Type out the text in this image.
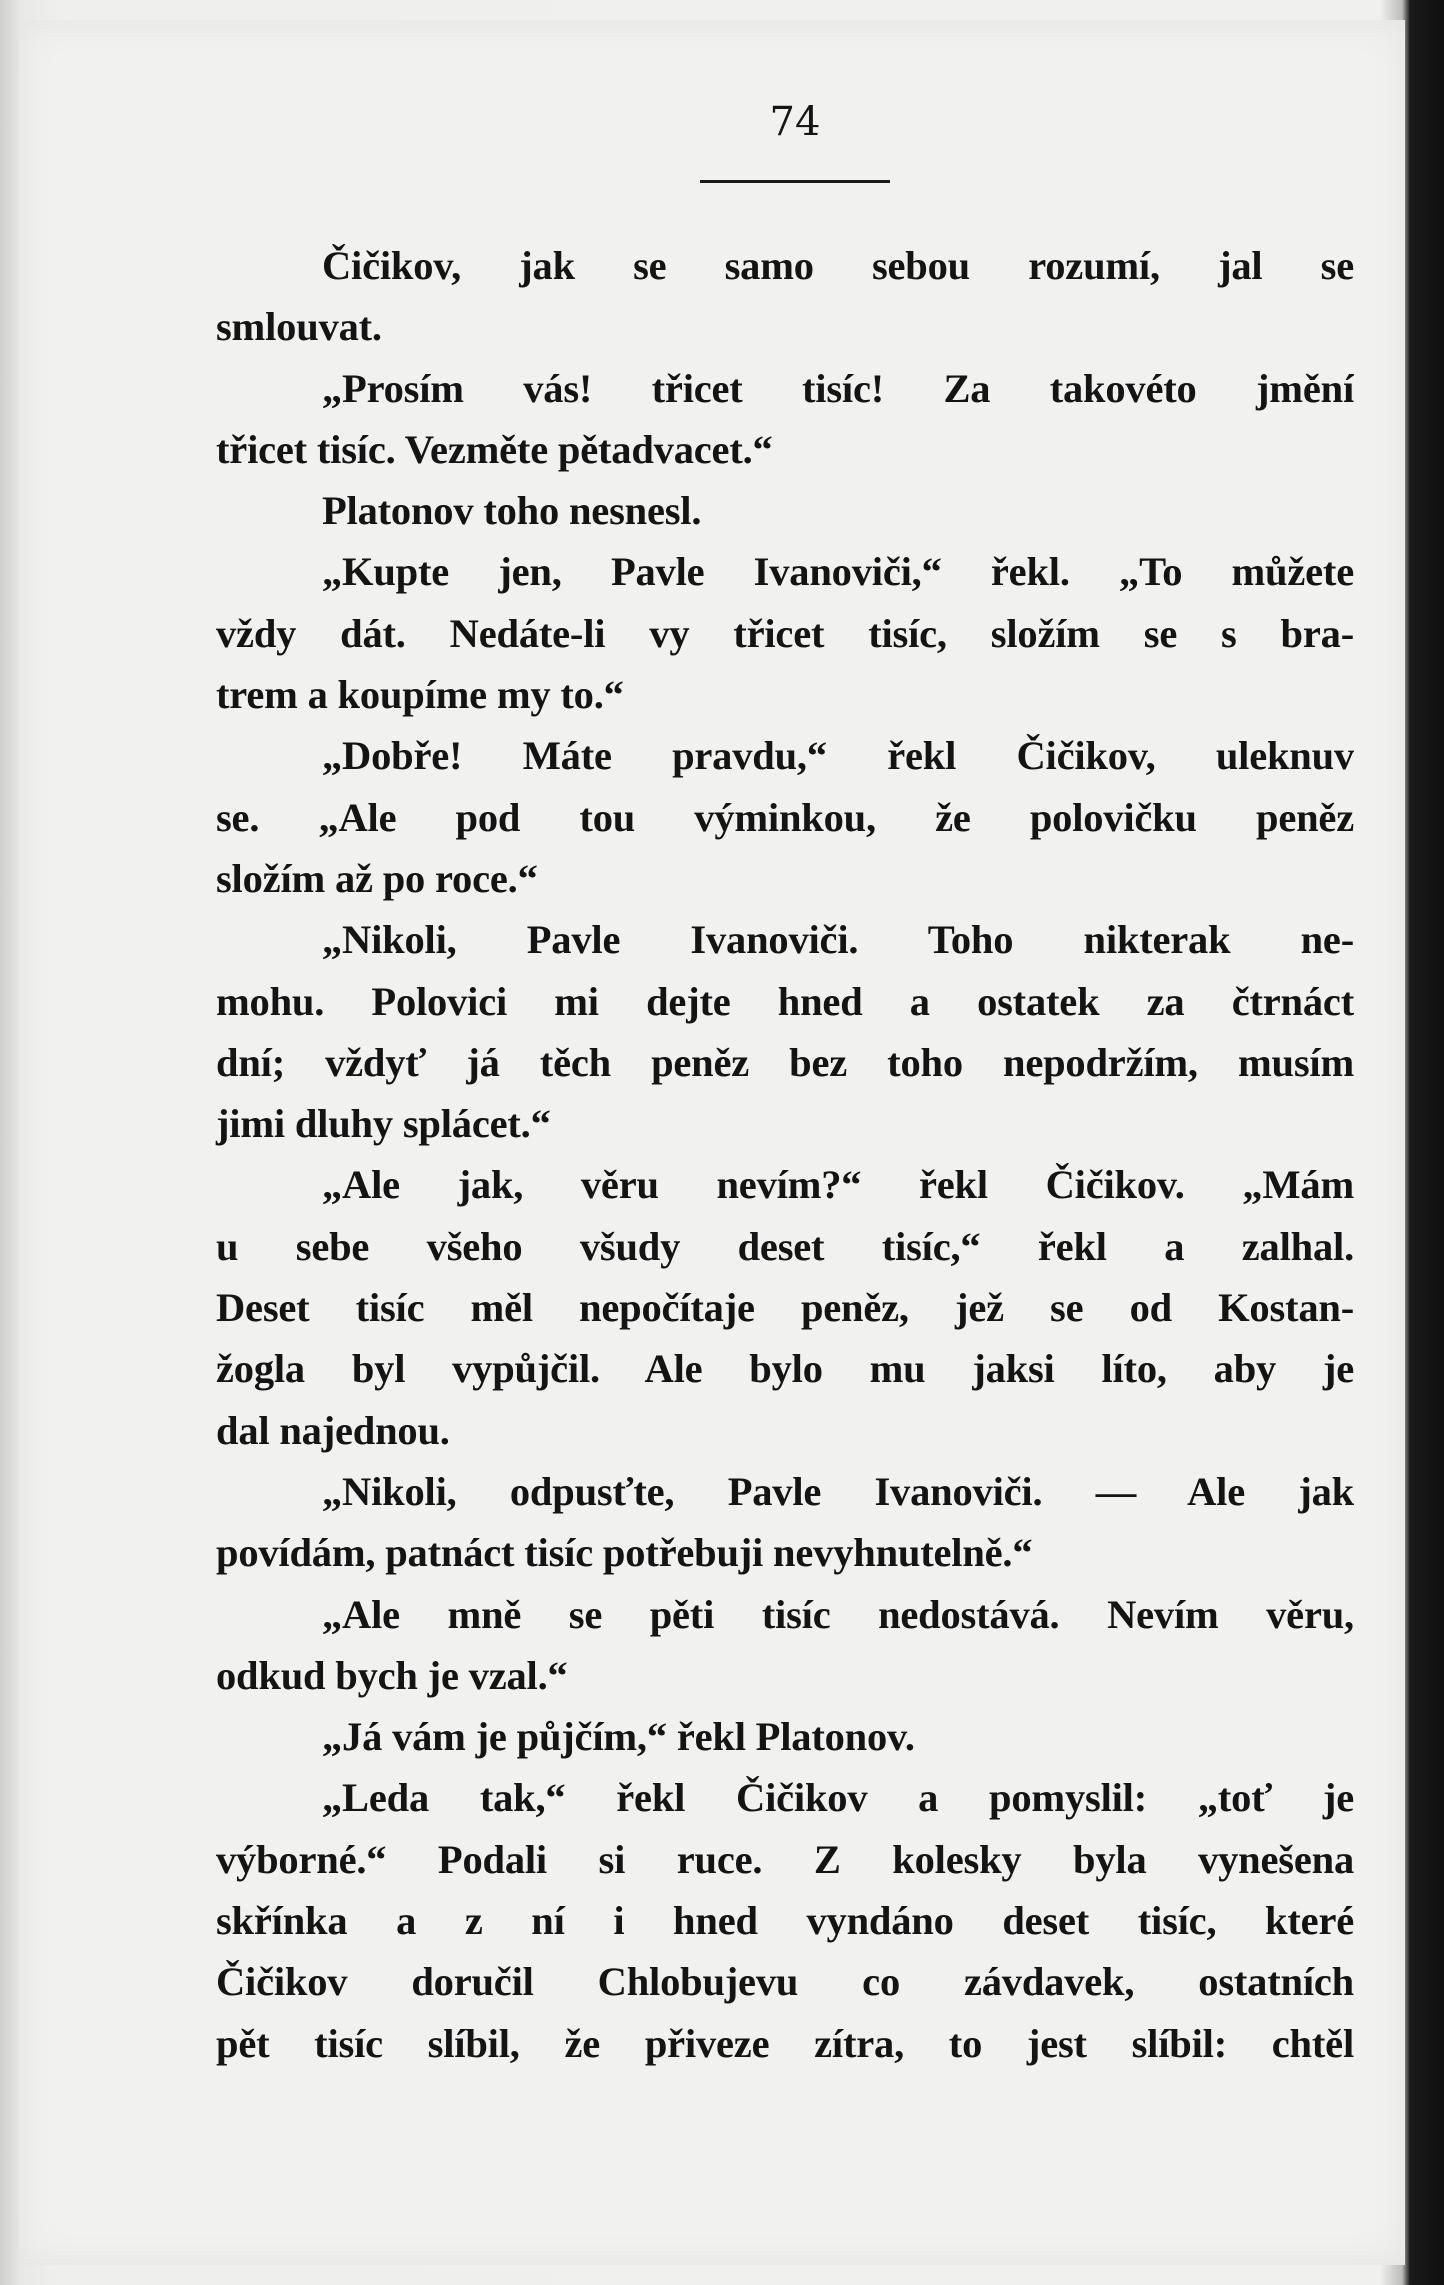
74
Čičikov, jak se samo sebou rozumí, jal se
smlouvat.
„Prosím vás! třicet tisíc! Za takovéto jmění
třicet tisíc. Vezměte pětadvacet.“
Platonov toho nesnesl.
„Kupte jen, Pavle Ivanoviči,“ řekl. „To můžete
vždy dát. Nedáte-li vy třicet tisíc, složím se s bra-
trem a koupíme my to.“
„Dobře! Máte pravdu,“ řekl Čičikov, uleknuv
se. „Ale pod tou výminkou, že polovičku peněz
složím až po roce.“
„Nikoli, Pavle Ivanoviči. Toho nikterak ne-
mohu. Polovici mi dejte hned a ostatek za čtrnáct
dní; vždyť já těch peněz bez toho nepodržím, musím
jimi dluhy splácet.“
„Ale jak, věru nevím?“ řekl Čičikov. „Mám
u sebe všeho všudy deset tisíc,“ řekl a zalhal.
Deset tisíc měl nepočítaje peněz, jež se od Kostan-
žogla byl vypůjčil. Ale bylo mu jaksi líto, aby je
dal najednou.
„Nikoli, odpusťte, Pavle Ivanoviči. — Ale jak
povídám, patnáct tisíc potřebuji nevyhnutelně.“
„Ale mně se pěti tisíc nedostává. Nevím věru,
odkud bych je vzal.“
„Já vám je půjčím,“ řekl Platonov.
„Leda tak,“ řekl Čičikov a pomyslil: „toť je
výborné.“ Podali si ruce. Z kolesky byla vynešena
skřínka a z ní i hned vyndáno deset tisíc, které
Čičikov doručil Chlobujevu co závdavek, ostatních
pět tisíc slíbil, že přiveze zítra, to jest slíbil: chtěl
